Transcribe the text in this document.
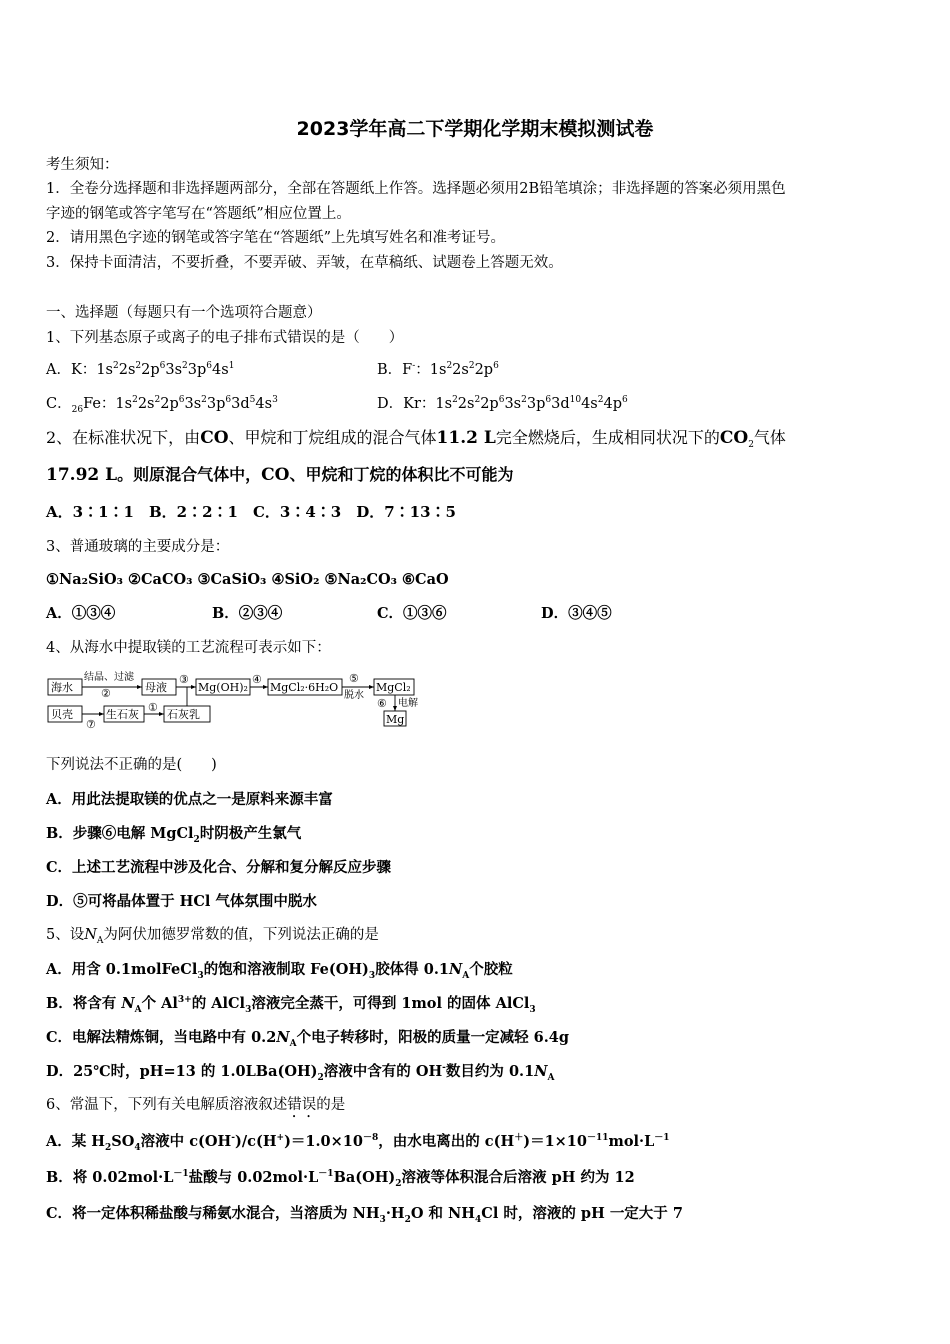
2023学年高二下学期化学期末模拟测试卷
考生须知：
1．全卷分选择题和非选择题两部分，全部在答题纸上作答。选择题必须用2B铅笔填涂；非选择题的答案必须用黑色
字迹的钢笔或答字笔写在“答题纸”相应位置上。
2．请用黑色字迹的钢笔或答字笔在“答题纸”上先填写姓名和准考证号。
3．保持卡面清洁，不要折叠，不要弄破、弄皱，在草稿纸、试题卷上答题无效。
一、选择题（每题只有一个选项符合题意）
1、下列基态原子或离子的电子排布式错误的是（　　）
A．K：$1s^22s^22p^63s^23p^64s^1$	B．F-：$1s^22s^22p^6$
C．$_{26}$Fe：$1s^22s^22p^63s^23p^63d^54s^3$	D．Kr：$1s^22s^22p^63s^23p^63d^{10}4s^24p^6$
2、在标准状况下，由CO、甲烷和丁烷组成的混合气体11.2 L完全燃烧后，生成相同状况下的$CO_2$气体
17.92 L。则原混合气体中，CO、甲烷和丁烷的体积比不可能为
A．3∶1∶1　B．2∶2∶1　C．3∶4∶3　D．7∶13∶5
3、普通玻璃的主要成分是：
①Na₂SiO₃ ②CaCO₃ ③CaSiO₃ ④SiO₂ ⑤Na₂CO₃ ⑥CaO
A．①③④	B．②③④	C．①③⑥	D．③④⑤
4、从海水中提取镁的工艺流程可表示如下：
海水
结晶、过滤
②	母液
③
Mg(OH)₂
④
MgCl₂·6H₂O
⑤
脱水
MgCl₂
⑥ 电解
Mg
贝壳
⑦
生石灰
①
石灰乳
下列说法不正确的是(　　)
A．用此法提取镁的优点之一是原料来源丰富
B．步骤⑥电解 MgCl$_2$时阴极产生氯气
C．上述工艺流程中涉及化合、分解和复分解反应步骤
D．⑤可将晶体置于 HCl 气体氛围中脱水
5、设$N_A$为阿伏加德罗常数的值，下列说法正确的是
A．用含 0.1molFeCl$_3$的饱和溶液制取 $Fe(OH)_3$胶体得 $0.1N_A$个胶粒
B．将含有 $N_A$个 $Al^{3+}$的 AlCl$_3$溶液完全蒸干，可得到 1mol 的固体 AlCl$_3$
C．电解法精炼铜，当电路中有 $0.2N_A$个电子转移时，阳极的质量一定减轻 6.4g
D．25℃时，pH=13 的 $1.0LBa(OH)_2$溶液中含有的 OH-数目约为 $0.1N_A$
6、常温下，下列有关电解质溶液叙述错误的是
A．某 $H_2SO_4$溶液中 $c(OH^-)/c(H^+)=1.0\times 10^{-8}$，由水电离出的 $c(H^+)=1\times 10^{-11}mol\cdot L^{-1}$
B．将 $0.02mol\cdot L^{-1}$盐酸与 $0.02mol\cdot L^{-1}Ba(OH)_2$溶液等体积混合后溶液 pH 约为 12
C．将一定体积稀盐酸与稀氨水混合，当溶质为 $NH_3\cdot H_2O$ 和 $NH_4Cl$ 时，溶液的 pH 一定大于 7
